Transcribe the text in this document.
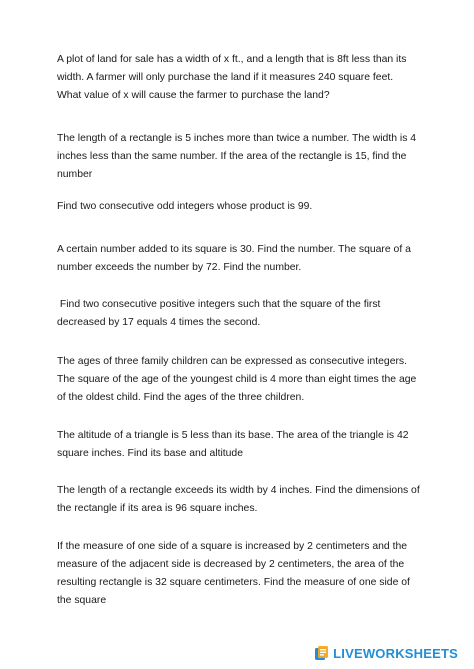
A plot of land for sale has a width of x ft., and a length that is 8ft less than its
width. A farmer will only purchase the land if it measures 240 square feet.
What value of x will cause the farmer to purchase the land?

The length of a rectangle is 5 inches more than twice a number. The width is 4
inches less than the same number. If the area of the rectangle is 15, find the
number

Find two consecutive odd integers whose product is 99.

A certain number added to its square is 30. Find the number. The square of a
number exceeds the number by 72. Find the number.

Find two consecutive positive integers such that the square of the first
decreased by 17 equals 4 times the second.

The ages of three family children can be expressed as consecutive integers.
The square of the age of the youngest child is 4 more than eight times the age
of the oldest child. Find the ages of the three children.

The altitude of a triangle is 5 less than its base. The area of the triangle is 42
square inches. Find its base and altitude

The length of a rectangle exceeds its width by 4 inches. Find the dimensions of
the rectangle if its area is 96 square inches.

If the measure of one side of a square is increased by 2 centimeters and the
measure of the adjacent side is decreased by 2 centimeters, the area of the
resulting rectangle is 32 square centimeters. Find the measure of one side of
the square

LIVEWORKSHEETS
